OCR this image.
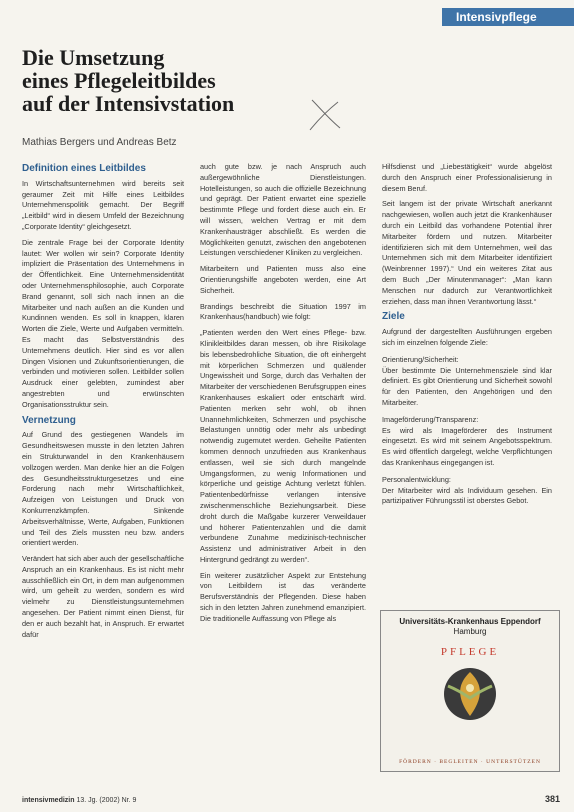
Intensivpflege
Die Umsetzung
eines Pflegeleitbildes
auf der Intensivstation
Mathias Bergers und Andreas Betz
Definition eines Leitbildes

In Wirtschaftsunternehmen wird bereits seit geraumer Zeit mit Hilfe eines Leitbildes Unternehmenspolitik gemacht. Der Begriff „Leitbild“ wird in diesem Umfeld der Bezeichnung „Corporate Identity“ gleichgesetzt.

Die zentrale Frage bei der Corporate Identity lautet: Wer wollen wir sein? Corporate Identity impliziert die Präsentation des Unternehmens in der Öffentlichkeit. Eine Unternehmensidentität oder Unternehmensphilosophie, auch Corporate Brand genannt, soll sich nach innen an die Mitarbeiter und nach außen an die Kunden und Kundinnen wenden. Es soll in knappen, klaren Worten die Ziele, Werte und Aufgaben vermitteln. Es macht das Selbstverständnis des Unternehmens deutlich. Hier sind es vor allen Dingen Visionen und Zukunftsorientierungen, die verbinden und motivieren sollen. Leitbilder sollen Ausdruck einer gelebten, zumindest aber angestrebten und erwünschten Organisationsstruktur sein.

Vernetzung

Auf Grund des gestiegenen Wandels im Gesundheitswesen musste in den letzten Jahren ein Strukturwandel in den Krankenhäusern vollzogen werden. Man denke hier an die Folgen des Gesundheitsstrukturgesetzes und eine Forderung nach mehr Wirtschaftlichkeit, Aufzeigen von Leistungen und Druck von Konkurrenzkämpfen. Sinkende Arbeitsverhältnisse, Werte, Aufgaben, Funktionen und Teil des Ziels mussten neu bzw. anders orientiert werden.

Verändert hat sich aber auch der gesellschaftliche Anspruch an ein Krankenhaus. Es ist nicht mehr ausschließlich ein Ort, in dem man aufgenommen wird, um geheilt zu werden, sondern es wird vielmehr zu Dienstleistungsunternehmen angesehen. Der Patient nimmt einen Dienst, für den er auch bezahlt hat, in Anspruch. Er erwartet dafür

auch gute bzw. je nach Anspruch auch außergewöhnliche Dienstleistungen. Hotelleistungen, so auch die offizielle Bezeichnung und geprägt. Der Patient erwartet eine spezielle bestimmte Pflege und fordert diese auch ein. Er will wissen, welchen Vertrag er mit dem Krankenhausträger abschließt. Es werden die Möglichkeiten genutzt, zwischen den angebotenen Leistungen verschiedener Kliniken zu vergleichen.

Mitarbeitern und Patienten muss also eine Orientierungshilfe angeboten werden, eine Art Sicherheit.

Brandings beschreibt die Situation 1997 im Krankenhaus(handbuch) wie folgt:

„Patienten werden den Wert eines Pflege- bzw. Klinikleitbildes daran messen, ob ihre Risikolage bis lebensbedrohliche Situation, die oft einhergeht mit körperlichen Schmerzen und quälender Ungewissheit und Sorge, durch das Verhalten der Mitarbeiter der verschiedenen Berufsgruppen eines Krankenhauses eskaliert oder entschärft wird. Patienten merken sehr wohl, ob ihnen Unannehmlichkeiten, Schmerzen und psychische Belastungen unnötig oder mehr als unbedingt notwendig zugemutet werden. Geheilte Patienten kommen dennoch unzufrieden aus Krankenhaus entlassen, weil sie sich durch mangelnde Umgangsformen, zu wenig Informationen und körperliche und geistige Achtung verletzt fühlen. Patientenbedürfnisse verlangen intensive zwischenmenschliche Beziehungsarbeit. Diese droht durch die Maßgabe kurzerer Verweildauer und höherer Patientenzahlen und die damit verbundene Zunahme medizinisch-technischer Assistenz und administrativer Arbeit in den Hintergrund gedrängt zu werden“.

Ein weiterer zusätzlicher Aspekt zur Entstehung von Leitbildern ist das veränderte Berufsverständnis der Pflegenden. Diese haben sich in den letzten Jahren zunehmend emanzipiert. Die traditionelle Auffassung von Pflege als

Hilfsdienst und „Liebestätigkeit“ wurde abgelöst durch den Anspruch einer Professionalisierung in diesem Beruf.

Seit langem ist der private Wirtschaft anerkannt nachgewiesen, wollen auch jetzt die Krankenhäuser durch ein Leitbild das vorhandene Potential ihrer Mitarbeiter fördern und nutzen. Mitarbeiter identifizieren sich mit dem Unternehmen, weil das Unternehmen sich mit dem Mitarbeiter identifiziert (Weinbrenner 1997).“ Und ein weiteres Zitat aus dem Buch „Der Minutenmanager“: „Man kann Menschen nur dadurch zur Verantwortlichkeit erziehen, dass man ihnen Verantwortung lässt.“

Ziele

Aufgrund der dargestellten Ausführungen ergeben sich im einzelnen folgende Ziele:

Orientierung/Sicherheit:

Über bestimmte Die Unternehmensziele sind klar definiert. Es gibt Orientierung und Sicherheit sowohl für den Patienten, den Angehörigen und den Mitarbeiter.

Imageförderung/Transparenz:

Es wird als Imageförderer des Instrument eingesetzt. Es wird mit seinem Angebotsspektrum. Es wird öffentlich dargelegt, welche Verpflichtungen das Krankenhaus eingegangen ist.

Personalentwicklung:

Der Mitarbeiter wird als Individuum gesehen. Ein partizipativer Führungsstil ist oberstes Gebot.

Universitäts-Krankenhaus Eppendorf
Hamburg
PFLEGE
FÖRDERN · BEGLEITEN · UNTERSTÜTZEN
intensivmedizin 13. Jg. (2002) Nr. 9	381
